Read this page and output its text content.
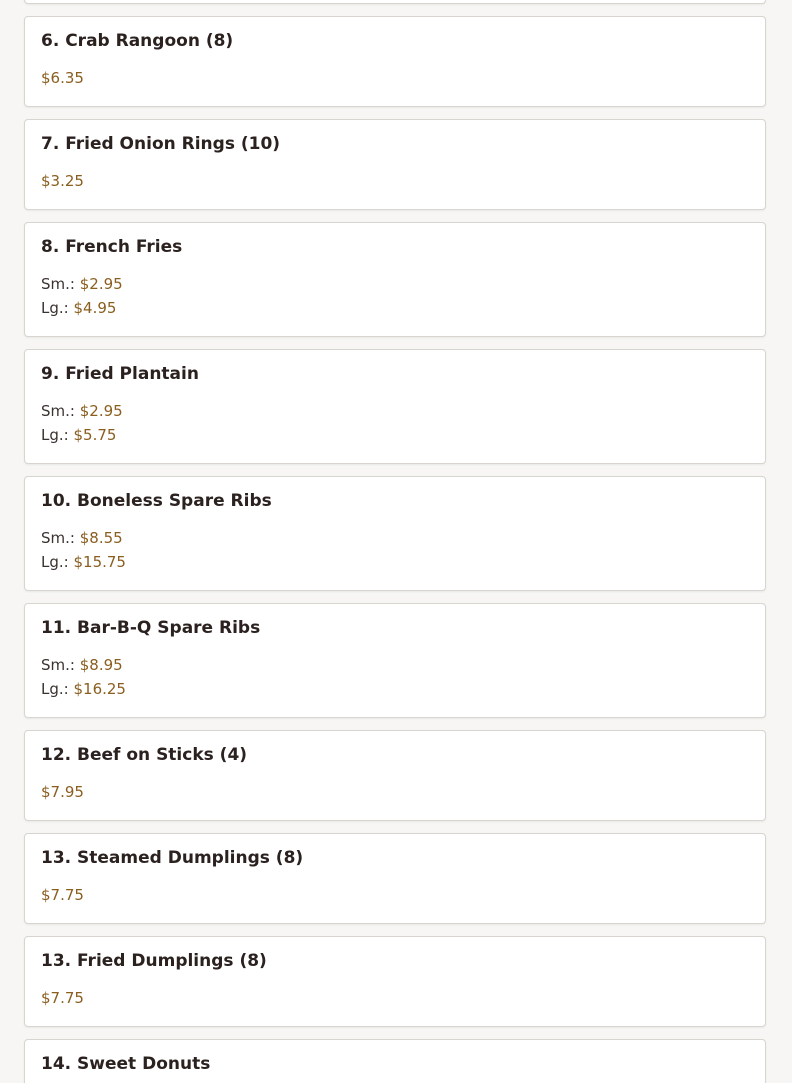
6. Crab Rangoon (8)
$6.35
7. Fried Onion Rings (10)
$3.25
8. French Fries
Sm.: $2.95
Lg.: $4.95
9. Fried Plantain
Sm.: $2.95
Lg.: $5.75
10. Boneless Spare Ribs
Sm.: $8.55
Lg.: $15.75
11. Bar-B-Q Spare Ribs
Sm.: $8.95
Lg.: $16.25
12. Beef on Sticks (4)
$7.95
13. Steamed Dumplings (8)
$7.75
13. Fried Dumplings (8)
$7.75
14. Sweet Donuts
